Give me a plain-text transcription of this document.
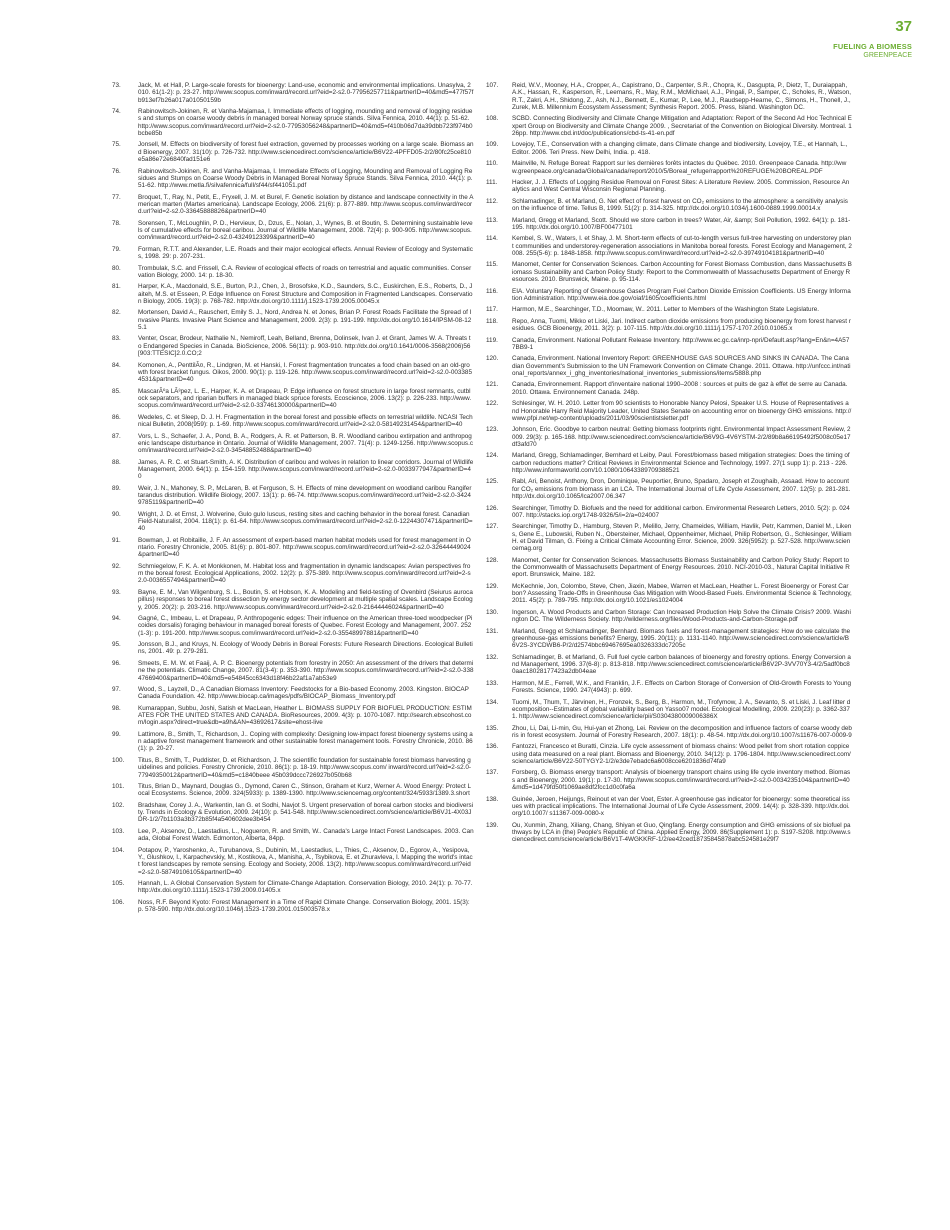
37
FUELING A BIOMESS
GREENPEACE
73.	Jack, M. et Hall, P. Large-scale forests for bioenergy: Land-use, economic and environmental implications. Unasylva, 2010. 61(1-2): p. 23-27. http://www.scopus.com/inward/record.url?eid=2-s2.0-77956257711&partnerID=40&md5=477f57fb913ef7b26a017a01050159b
74.	Rabinowitsch-Jokinen, R. et Vanha-Majamaa, I. Immediate effects of logging, mounding and removal of logging residues and stumps on coarse woody debris in managed boreal Norway spruce stands. Silva Fennica, 2010. 44(1): p. 51-62. http://www.scopus.com/inward/record.url?eid=2-s2.0-77953056248&partnerID=40&md5=f410b06d7da39dbb723f974b0bcbe85b
75.	Jonsell, M. Effects on biodiversity of forest fuel extraction, governed by processes working on a large scale. Biomass and Bioenergy, 2007. 31(10): p. 726-732. http://www.sciencedirect.com/science/article/B6V22-4PFFD05-2/2/80fc25ce810e5a86e72e6840fad151e6
76.	Rabinowitsch-Jokinen, R. and Vanha-Majamaa, I. Immediate Effects of Logging, Mounding and Removal of Logging Residues and Stumps on Coarse Woody Debris in Managed Boreal Norway Spruce Stands. Silva Fennica, 2010. 44(1): p. 51-62. http://www.metla.fi/silvafennica/full/sf44/sf441051.pdf
77.	Broquet, T., Ray, N., Petit, E., Fryxell, J. M. et Burel, F. Genetic isolation by distance and landscape connectivity in the American marten (Martes americana). Landscape Ecology, 2006. 21(6): p. 877-889. http://www.scopus.com/inward/record.url?eid=2-s2.0-33645888826&partnerID=40
78.	Sorensen, T., McLoughlin, P. D., Hervieux, D., Dzus, E., Nolan, J., Wynes, B. et Boutin, S. Determining sustainable levels of cumulative effects for boreal caribou. Journal of Wildlife Management, 2008. 72(4): p. 900-905. http://www.scopus.com/inward/record.url?eid=2-s2.0-43249123399&partnerID=40
79.	Forman, R.T.T. and Alexander, L.E. Roads and their major ecological effects. Annual Review of Ecology and Systematics, 1998. 29: p. 207-231.
80.	Trombulak, S.C. and Frissell, C.A. Review of ecological effects of roads on terrestrial and aquatic communities. Conservation Biology, 2000. 14: p. 18-30.
81.	Harper, K.A., Macdonald, S.E., Burton, P.J., Chen, J., Brosofske, K.D., Saunders, S.C., Euskirchen, E.S., Roberts, D., Jaiteh, M.S. et Esseen, P. Edge Influence on Forest Structure and Composition in Fragmented Landscapes. Conservation Biology, 2005. 19(3): p. 768-782. http://dx.doi.org/10.1111/j.1523-1739.2005.00045.x
82.	Mortensen, David A., Rauschert, Emily S. J., Nord, Andrea N. et Jones, Brian P. Forest Roads Facilitate the Spread of Invasive Plants. Invasive Plant Science and Management, 2009. 2(3): p. 191-199. http://dx.doi.org/10.1614/IPSM-08-125.1
83.	Venter, Oscar, Brodeur, Nathalie N., Nemiroff, Leah, Belland, Brenna, Dolinsek, Ivan J. et Grant, James W. A. Threats to Endangered Species in Canada. BioScience, 2006. 56(11): p. 903-910. http://dx.doi.org/10.1641/0006-3568(2006)56[903:TTESIC]2.0.CO;2
84.	Komonen, A., PenttilÃ¤, R., Lindgren, M. et Hanski, I. Forest fragmentation truncates a food chain based on an old-growth forest bracket fungus. Oikos, 2000. 90(1): p. 119-126. http://www.scopus.com/inward/record.url?eid=2-s2.0-0033854531&partnerID=40
85.	MascarÃºa LÃ³pez, L. E., Harper, K. A. et Drapeau, P. Edge influence on forest structure in large forest remnants, cutblock separators, and riparian buffers in managed black spruce forests. Ecoscience, 2006. 13(2): p. 226-233. http://www.scopus.com/inward/record.url?eid=2-s2.0-33746130000&partnerID=40
86.	Wedeles, C. et Sleep, D. J. H. Fragmentation in the boreal forest and possible effects on terrestrial wildlife. NCASI Technical Bulletin, 2008(959): p. 1-69. http://www.scopus.com/inward/record.url?eid=2-s2.0-58149231454&partnerID=40
87.	Vors, L. S., Schaefer, J. A., Pond, B. A., Rodgers, A. R. et Patterson, B. R. Woodland caribou extirpation and anthropogenic landscape disturbance in Ontario. Journal of Wildlife Management, 2007. 71(4): p. 1249-1256. http://www.scopus.com/inward/record.url?eid=2-s2.0-34548852488&partnerID=40
88.	James, A. R. C. et Stuart-Smith, A. K. Distribution of caribou and wolves in relation to linear corridors. Journal of Wildlife Management, 2000. 64(1): p. 154-159. http://www.scopus.com/inward/record.url?eid=2-s2.0-0033977947&partnerID=40
89.	Weir, J. N., Mahoney, S. P., McLaren, B. et Ferguson, S. H. Effects of mine development on woodland caribou Rangifer tarandus distribution. Wildlife Biology, 2007. 13(1): p. 66-74. http://www.scopus.com/inward/record.url?eid=2-s2.0-34249785119&partnerID=40
90.	Wright, J. D. et Ernst, J. Wolverine, Gulo gulo luscus, resting sites and caching behavior in the boreal forest. Canadian Field-Naturalist, 2004. 118(1): p. 61-64. http://www.scopus.com/inward/record.url?eid=2-s2.0-12244307471&partnerID=40
91.	Bowman, J. et Robitaille, J. F. An assessment of expert-based marten habitat models used for forest management in Ontario. Forestry Chronicle, 2005. 81(6): p. 801-807. http://www.scopus.com/inward/record.url?eid=2-s2.0-32644449024&partnerID=40
92.	Schmiegelow, F. K. A. et Monkkonen, M. Habitat loss and fragmentation in dynamic landscapes: Avian perspectives from the boreal forest. Ecological Applications, 2002. 12(2): p. 375-389. http://www.scopus.com/inward/record.url?eid=2-s2.0-0036557494&partnerID=40
93.	Bayne, E. M., Van Wilgenburg, S. L., Boutin, S. et Hobson, K. A. Modeling and field-testing of Ovenbird (Seiurus aurocapillus) responses to boreal forest dissection by energy sector development at multiple spatial scales. Landscape Ecology, 2005. 20(2): p. 203-216. http://www.scopus.com/inward/record.url?eid=2-s2.0-21644446024&partnerID=40
94.	Gagné, C., Imbeau, L. et Drapeau, P. Anthropogenic edges: Their influence on the American three-toed woodpecker (Picoides dorsalis) foraging behaviour in managed boreal forests of Quebec. Forest Ecology and Management, 2007. 252(1-3): p. 191-200. http://www.scopus.com/inward/record.url?eid=2-s2.0-35548997881&partnerID=40
95.	Jonsson, B.J., and Kruys, N. Ecology of Woody Debris in Boreal Forests: Future Research Directions. Ecological Bulletins, 2001. 49: p. 279-281.
96.	Smeets, E. M. W. et Faaij, A. P. C. Bioenergy potentials from forestry in 2050: An assessment of the drivers that determine the potentials. Climatic Change, 2007. 81(3-4): p. 353-390. http://www.scopus.com/inward/record.url?eid=2-s2.0-33847669400&partnerID=40&md5=e54845cc6343d18f46b22af1a7ab53e9
97.	Wood, S., Layzell, D., A Canadian Biomass Inventory: Feedstocks for a Bio-based Economy. 2003. Kingston. BIOCAP Canada Foundation. 42. http://www.biocap.ca/images/pdfs/BIOCAP_Biomass_Inventory.pdf
98.	Kumarappan, Subbu, Joshi, Satish et MacLean, Heather L. BIOMASS SUPPLY FOR BIOFUEL PRODUCTION: ESTIMATES FOR THE UNITED STATES AND CANADA. BioResources, 2009. 4(3): p. 1070-1087. http://search.ebscohost.com/login.aspx?direct=true&db=a9h&AN=43692617&site=ehost-live
99.	Lattimore, B., Smith, T., Richardson, J.. Coping with complexity: Designing low-impact forest bioenergy systems using an adaptive forest management framework and other sustainable forest management tools. Forestry Chronicle, 2010. 86(1): p. 20-27.
100.	Titus, B., Smith, T., Puddister, D. et Richardson, J. The scientific foundation for sustainable forest biomass harvesting guidelines and policies. Forestry Chronicle, 2010. 86(1): p. 18-19. http://www.scopus.com/ inward/record.url?eid=2-s2.0-77949350012&partnerID=40&md5=c1840beee 45b039dccc726927b050b68
101.	Titus, Brian D., Maynard, Douglas G., Dymond, Caren C., Stinson, Graham et Kurz, Werner A. Wood Energy: Protect Local Ecosystems. Science, 2009. 324(5933): p. 1389-1390. http://www.sciencemag.org/content/324/5933/1389.3.short
102.	Bradshaw, Corey J. A., Warkentin, Ian G. et Sodhi, Navjot S. Urgent preservation of boreal carbon stocks and biodiversity. Trends in Ecology & Evolution, 2009. 24(10): p. 541-548. http://www.sciencedirect.com/science/article/B6VJ1-4X03JDR-1/2/7b1103a3b372b85f4a540602dee3b454
103.	Lee, P., Aksenov, D., Laestadius, L., Nogueron, R. and Smith, W.. Canada's Large Intact Forest Landscapes. 2003. Canada, Global Forest Watch. Edmonton, Alberta, 84pp.
104.	Potapov, P., Yaroshenko, A., Turubanova, S., Dubinin, M., Laestadius, L., Thies, C., Aksenov, D., Egorov, A., Yesipova, Y., Glushkov, I., Karpachevskiy, M., Kostikova, A., Manisha, A., Tsybikova, E. et Zhuravleva, I. Mapping the world's intact forest landscapes by remote sensing. Ecology and Society, 2008. 13(2). http://www.scopus.com/inward/record.url?eid=2-s2.0-58749106105&partnerID=40
105.	Hannah, L. A Global Conservation System for Climate-Change Adaptation. Conservation Biology, 2010. 24(1): p. 70-77. http://dx.doi.org/10.1111/j.1523-1739.2009.01405.x
106.	Noss, R.F. Beyond Kyoto: Forest Management in a Time of Rapid Climate Change. Conservation Biology, 2001. 15(3): p. 578-590. http://dx.doi.org/10.1046/j.1523-1739.2001.015003578.x
107.	Reid, W.V., Mooney, H.A., Cropper, A., Capistrano, D., Carpenter, S.R., Chopra, K., Dasgupta, P., Dietz, T., Duraiappah, A.K., Hassan, R., Kasperson, R., Leemans, R., May, R.M., McMichael, A.J., Pingali, P., Samper, C., Scholes, R., Watson, R.T., Zakri, A.H., Shidong, Z., Ash, N.J., Bennett, E., Kumar, P., Lee, M.J., Raudsepp-Hearne, C., Simons, H., Thonell, J., Zurek, M.B. Millennium Ecosystem Assessment; Synthesis Report. 2005. Press, Island. Washington DC.
108.	SCBD. Connecting Biodiversity and Climate Change Mitigation and Adaptation: Report of the Second Ad Hoc Technical Expert Group on Biodiversity and Climate Change 2009. , Secretariat of the Convention on Biological Diversity. Montreal. 126pp. http://www.cbd.int/doc/publications/cbd-ts-41-en.pdf
109.	Lovejoy, T.E., Conservation with a changing climate, dans Climate change and biodiversity, Lovejoy, T.E., et Hannah, L., Editor. 2006. Teri Press. New Delhi, India. p. 418.
110.	Mainville, N. Refuge Boreal: Rapport sur les dernières forêts intactes du Québec. 2010. Greenpeace Canada. http://www.greenpeace.org/canada/Global/canada/report/2010/5/Boreal_refuge/rapport%20REFUGE%20BOREAL.PDF
111.	Hacker, J. J. Effects of Logging Residue Removal on Forest Sites: A Literature Review. 2005. Commission, Resource Analytics and West Central Wisconsin Regional Planning.
112.	Schlamadinger, B. et Marland, G. Net effect of forest harvest on CO₂ emissions to the atmosphere: a sensitivity analysis on the influence of time. Tellus B, 1999. 51(2): p. 314-325. http://dx.doi.org/10.1034/j.1600-0889.1999.00014.x
113.	Marland, Gregg et Marland, Scott. Should we store carbon in trees? Water, Air, &amp; Soil Pollution, 1992. 64(1): p. 181-195. http://dx.doi.org/10.1007/BF00477101
114.	Kembel, S. W., Waters, I. et Shay, J. M. Short-term effects of cut-to-length versus full-tree harvesting on understorey plant communities and understorey-regeneration associations in Manitoba boreal forests. Forest Ecology and Management, 2008. 255(5-6): p. 1848-1858. http://www.scopus.com/inward/record.url?eid=2-s2.0-39749104181&partnerID=40
115.	Manomet, Center for Conservation Sciences. Carbon Accounting for Forest Biomass Combustion, dans Massachusetts Biomass Sustainability and Carbon Policy Study: Report to the Commonwealth of Massachusetts Department of Energy Resources. 2010. Brunswick, Maine. p. 95-114.
116.	EIA. Voluntary Reporting of Greenhouse Gases Program Fuel Carbon Dioxide Emission Coefficients. US Energy Information Administration. http://www.eia.doe.gov/oiaf/1605/coefficients.html
117.	Harmon, M.E., Searchinger, T.D., Moomaw, W.. 2011. Letter to Members of the Washington State Legislature.
118.	Repo, Anna, Tuomi, Mikko et Liski, Jari. Indirect carbon dioxide emissions from producing bioenergy from forest harvest residues. GCB Bioenergy, 2011. 3(2): p. 107-115. http://dx.doi.org/10.1111/j.1757-1707.2010.01065.x
119.	Canada, Environment. National Pollutant Release Inventory. http://www.ec.gc.ca/inrp-npri/Default.asp?lang=En&n=4A577BB9-1
120.	Canada, Environment. National Inventory Report: GREENHOUSE GAS SOURCES AND SINKS IN CANADA. The Canadian Government's Submission to the UN Framework Convention on Climate Change. 2011. Ottawa. http://unfccc.int/national_reports/annex_i_ghg_inventories/national_inventories_submissions/items/5888.php
121.	Canada, Environnement. Rapport d'inventaire national 1990–2008 : sources et puits de gaz à effet de serre au Canada. 2010. Ottawa. Environnement Canada. 248p.
122.	Schlesinger, W. H. 2010. Letter from 90 scientists to Honorable Nancy Pelosi, Speaker U.S. House of Representatives and Honorable Harry Reid Majority Leader, United States Senate on accounting error on bioenergy GHG emissions. http://www.pfpi.net/wp-content/uploads/2011/03/90scientistsletter.pdf
123.	Johnson, Eric. Goodbye to carbon neutral: Getting biomass footprints right. Environmental Impact Assessment Review, 2009. 29(3): p. 165-168. http://www.sciencedirect.com/science/article/B6V9G-4V6YSTM-2/2/89b8a66195492f5008c05e17df3afd70
124.	Marland, Gregg, Schlamadinger, Bernhard et Leiby, Paul. Forest/biomass based mitigation strategies: Does the timing of carbon reductions matter? Critical Reviews in Environmental Science and Technology, 1997. 27(1 supp 1): p. 213 - 226. http://www.informaworld.com/10.1080/10643389709388521
125.	Rabl, Ari, Benoist, Anthony, Dron, Dominique, Peuportier, Bruno, Spadaro, Joseph et Zoughaib, Assaad. How to account for CO₂ emissions from biomass in an LCA. The International Journal of Life Cycle Assessment, 2007. 12(5): p. 281-281. http://dx.doi.org/10.1065/lca2007.06.347
126.	Searchinger, Timothy D. Biofuels and the need for additional carbon. Environmental Research Letters, 2010. 5(2): p. 024007. http://stacks.iop.org/1748-9326/5/i=2/a=024007
127.	Searchinger, Timothy D., Hamburg, Steven P., Melillo, Jerry, Chameides, William, Havlik, Petr, Kammen, Daniel M., Likens, Gene E., Lubowski, Ruben N., Obersteiner, Michael, Oppenheimer, Michael, Philip Robertson, G., Schlesinger, William H. et David Tilman, G. Fixing a Critical Climate Accounting Error. Science, 2009. 326(5952): p. 527-528. http://www.sciencemag.org
128.	Manomet, Center for Conservation Sciences. Massachusetts Biomass Sustainability and Carbon Policy Study: Report to the Commonwealth of Massachusetts Department of Energy Resources. 2010. NCI-2010-03., Natural Capital Initiative Report. Brunswick, Maine. 182.
129.	McKechnie, Jon, Colombo, Steve, Chen, Jiaxin, Mabee, Warren et MacLean, Heather L. Forest Bioenergy or Forest Carbon? Assessing Trade-Offs in Greenhouse Gas Mitigation with Wood-Based Fuels. Environmental Science & Technology, 2011. 45(2): p. 789-795. http://dx.doi.org/10.1021/es1024004
130.	Ingerson, A. Wood Products and Carbon Storage: Can Increased Production Help Solve the Climate Crisis? 2009. Washington DC. The Wilderness Society. http://wilderness.org/files/Wood-Products-and-Carbon-Storage.pdf
131.	Marland, Gregg et Schlamadinger, Bernhard. Biomass fuels and forest-management strategies: How do we calculate the greenhouse-gas emissions benefits? Energy, 1995. 20(11): p. 1131-1140. http://www.sciencedirect.com/science/article/B6V2S-3YCDWB6-P/2/d2574bbc69467695ea0326333dc7205c
132.	Schlamadinger, B. et Marland, G. Full fuel cycle carbon balances of bioenergy and forestry options. Energy Conversion and Management, 1996. 37(6-8): p. 813-818. http://www.sciencedirect.com/science/article/B6V2P-3VV70Y3-4/2/5adf0bc80aac18028177423a2db04eae
133.	Harmon, M.E., Ferrell, W.K., and Franklin, J.F.. Effects on Carbon Storage of Conversion of Old-Growth Forests to Young Forests. Science, 1990. 247(4943): p. 699.
134.	Tuomi, M., Thum, T., Järvinen, H., Fronzek, S., Berg, B., Harmon, M., Trofymow, J. A., Sevanto, S. et Liski, J. Leaf litter decomposition--Estimates of global variability based on Yasso07 model. Ecological Modelling, 2009. 220(23): p. 3362-3371. http://www.sciencedirect.com/science/article/pii/S0304380009006386X
135.	Zhou, Li, Dai, Li-min, Gu, Hui-yan et Zhong, Lei. Review on the decomposition and influence factors of coarse woody debris in forest ecosystem. Journal of Forestry Research, 2007. 18(1): p. 48-54. http://dx.doi.org/10.1007/s11676-007-0009-9
136.	Fantozzi, Francesco et Buratti, Cinzia. Life cycle assessment of biomass chains: Wood pellet from short rotation coppice using data measured on a real plant. Biomass and Bioenergy, 2010. 34(12): p. 1796-1804. http://www.sciencedirect.com/science/article/B6V22-50TYGY2-1/2/e3de7ebadc6a6008cce6201836d74fa9
137.	Forsberg, G. Biomass energy transport: Analysis of bioenergy transport chains using life cycle inventory method. Biomass and Bioenergy, 2000. 19(1): p. 17-30. http://www.scopus.com/inward/record.url?eid=2-s2.0-0034235104&partnerID=40&md5=1d479fd50f1069ae8df2fcc1d0c0fa6a
138.	Guinée, Jeroen, Heijungs, Reinout et van der Voet, Ester. A greenhouse gas indicator for bioenergy: some theoretical issues with practical implications. The International Journal of Life Cycle Assessment, 2009. 14(4): p. 328-339. http://dx.doi.org/10.1007/ s11367-009-0080-x
139.	Ou, Xunmin, Zhang, Xiliang, Chang, Shiyan et Guo, Qingfang. Energy consumption and GHG emissions of six biofuel pathways by LCA in (the) People's Republic of China. Applied Energy, 2009. 86(Supplement 1): p. S197-S208. http://www.sciencedirect.com/science/article/B6V1T-4WGKKRF-1/2/ee42ced18735845878abc524581e29f7
